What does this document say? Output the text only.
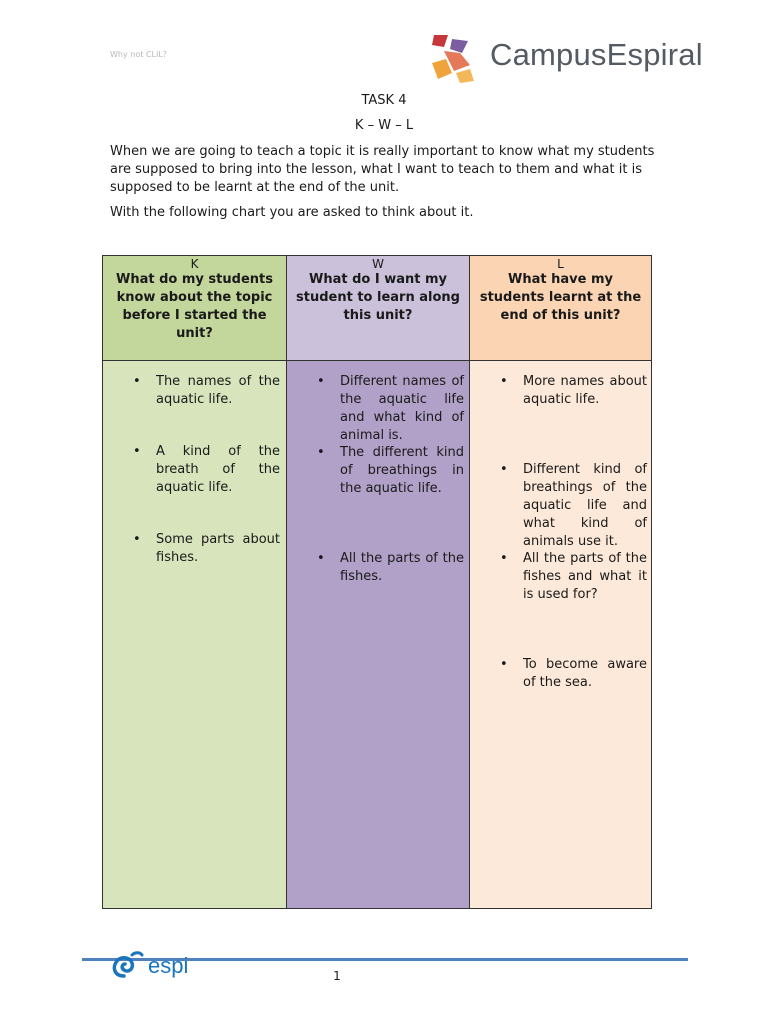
Why not CLIL?	CampusEspiral
TASK 4
K – W – L

When we are going to teach a topic it is really important to know what my students are supposed to bring into the lesson, what I want to teach to them and what it is supposed to be learnt at the end of the unit.

With the following chart you are asked to think about it.

K
What do my students know about the topic before I started the unit?
• The names of the aquatic life.
• A kind of the breath of the aquatic life.
• Some parts about fishes.
W
What do I want my student to learn along this unit?
• Different names of the aquatic life and what kind of animal is.
• The different kind of breathings in the aquatic life.
• All the parts of the fishes.
L
What have my students learnt at the end of this unit?
• More names about aquatic life.
• Different kind of breathings of the aquatic life and what kind of animals use it.
• All the parts of the fishes and what it is used for?
• To become aware of the sea.
espi	1
